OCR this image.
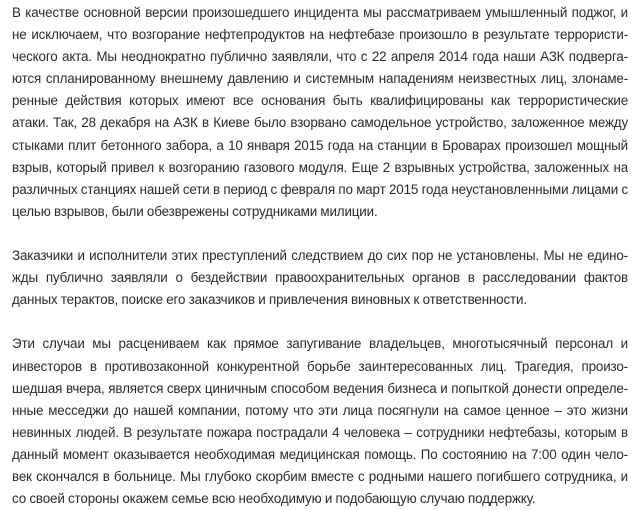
В качестве основной версии произошедшего инцидента мы рассматриваем умышленный поджог, и
не исключаем, что возгорание нефтепродуктов на нефтебазе произошло в результате террористи-
ческого акта. Мы неоднократно публично заявляли, что с 22 апреля 2014 года наши АЗК подверга-
ются спланированному внешнему давлению и системным нападениям неизвестных лиц, злонаме-
ренные действия которых имеют все основания быть квалифицированы как террористические
атаки. Так, 28 декабря на АЗК в Киеве было взорвано самодельное устройство, заложенное между
стыками плит бетонного забора, а 10 января 2015 года на станции в Броварах произошел мощный
взрыв, который привел к возгоранию газового модуля. Еще 2 взрывных устройства, заложенных на
различных станциях нашей сети в период с февраля по март 2015 года неустановленными лицами с
целью взрывов, были обезврежены сотрудниками милиции.
Заказчики и исполнители этих преступлений следствием до сих пор не установлены. Мы не едино-
жды публично заявляли о бездействии правоохранительных органов в расследовании фактов
данных терактов, поиске его заказчиков и привлечения виновных к ответственности.
Эти случаи мы расцениваем как прямое запугивание владельцев, многотысячный персонал и
инвесторов в противозаконной конкурентной борьбе заинтересованных лиц. Трагедия, произо-
шедшая вчера, является сверх циничным способом ведения бизнеса и попыткой донести определе-
нные месседжи до нашей компании, потому что эти лица посягнули на самое ценное – это жизни
невинных людей. В результате пожара пострадали 4 человека – сотрудники нефтебазы, которым в
данный момент оказывается необходимая медицинская помощь. По состоянию на 7:00 один чело-
век скончался в больнице. Мы глубоко скорбим вместе с родными нашего погибшего сотрудника, и
со своей стороны окажем семье всю необходимую и подобающую случаю поддержку.
